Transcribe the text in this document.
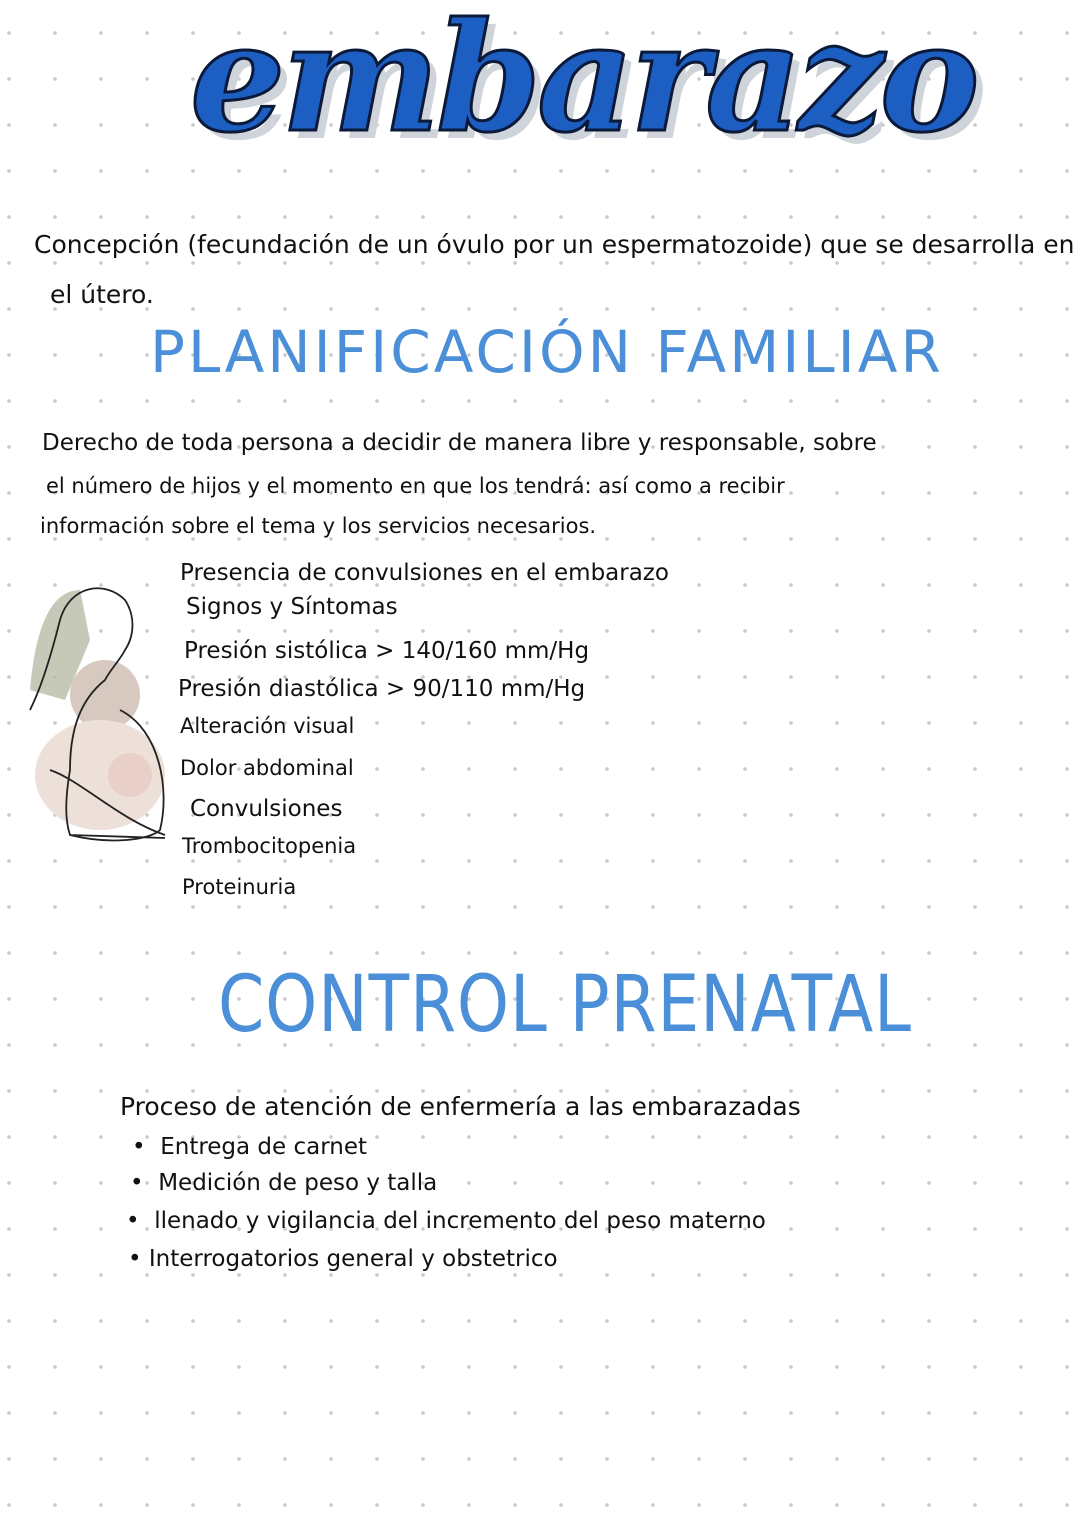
embarazo
Concepción (fecundación de un óvulo por un espermatozoide) que se desarrolla en
el útero.
PLANIFICACIÓN FAMILIAR
Derecho de toda persona a decidir de manera libre y responsable, sobre
el número de hijos y el momento en que los tendrá: así como a recibir
información sobre el tema y los servicios necesarios.
Presencia de convulsiones en el embarazo
Signos y Síntomas
Presión sistólica > 140/160 mm/Hg
Presión diastólica > 90/110 mm/Hg
Alteración visual
Dolor abdominal
Convulsiones
Trombocitopenia
Proteinuria
CONTROL PRENATAL
Proceso de atención de enfermería a las embarazadas
•  Entrega de carnet
•  Medición de peso y talla
•  llenado y vigilancia del incremento del peso materno
• Interrogatorios general y obstetrico
